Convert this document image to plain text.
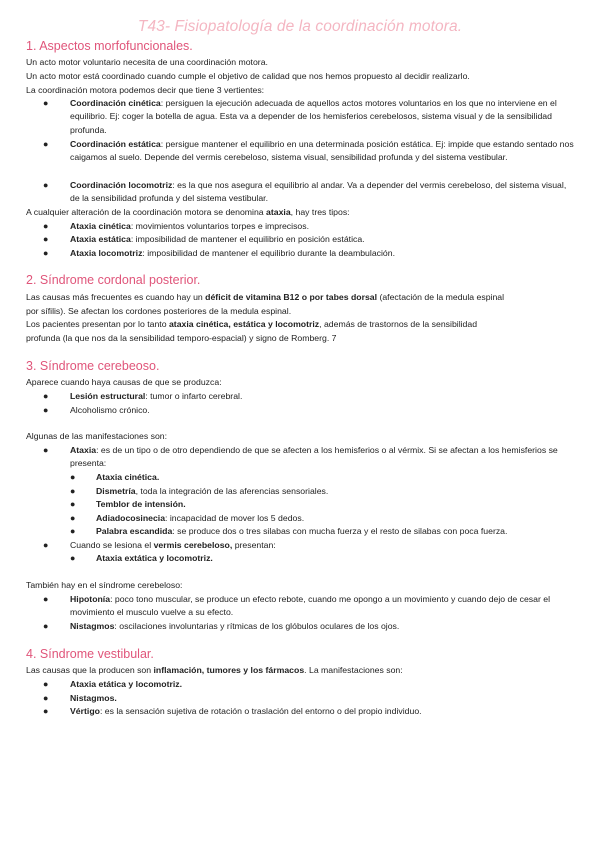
T43- Fisiopatología de la coordinación motora.
1. Aspectos morfofuncionales.
Un acto motor voluntario necesita de una coordinación motora.
Un acto motor está coordinado cuando cumple el objetivo de calidad que nos hemos propuesto al decidir realizarlo.
La coordinación motora podemos decir que tiene 3 vertientes:
● Coordinación cinética: persiguen la ejecución adecuada de aquellos actos motores voluntarios en los que no interviene en el equilibrio. Ej: coger la botella de agua. Esta va a depender de los hemisferios cerebelosos, sistema visual y de la sensibilidad profunda.
● Coordinación estática: persigue mantener el equilibrio en una determinada posición estática. Ej: impide que estando sentado nos caigamos al suelo. Depende del vermis cerebeloso, sistema visual, sensibilidad profunda y del sistema vestibular.
● Coordinación locomotriz: es la que nos asegura el equilibrio al andar. Va a depender del vermis cerebeloso, del sistema visual, de la sensibilidad profunda y del sistema vestibular.
A cualquier alteración de la coordinación motora se denomina ataxia, hay tres tipos:
● Ataxia cinética: movimientos voluntarios torpes e imprecisos.
● Ataxia estática: imposibilidad de mantener el equilibrio en posición estática.
● Ataxia locomotriz: imposibilidad de mantener el equilibrio durante la deambulación.
2. Síndrome cordonal posterior.
Las causas más frecuentes es cuando hay un déficit de vitamina B12 o por tabes dorsal (afectación de la medula espinal
por sífilis). Se afectan los cordones posteriores de la medula espinal.
Los pacientes presentan por lo tanto ataxia cinética, estática y locomotriz, además de trastornos de la sensibilidad
profunda (la que nos da la sensibilidad temporo-espacial) y signo de Romberg. 7
3. Síndrome cerebeoso.
Aparece cuando haya causas de que se produzca:
● Lesión estructural: tumor o infarto cerebral.
● Alcoholismo crónico.
Algunas de las manifestaciones son:
● Ataxia: es de un tipo o de otro dependiendo de que se afecten a los hemisferios o al vérmix. Si se afectan a los hemisferios se presenta:
● Ataxia cinética.
● Dismetría, toda la integración de las aferencias sensoriales.
● Temblor de intensión.
● Adiadocosinecia: incapacidad de mover los 5 dedos.
● Palabra escandida: se produce dos o tres silabas con mucha fuerza y el resto de silabas con poca fuerza.
● Cuando se lesiona el vermis cerebeloso, presentan:
● Ataxia extática y locomotriz.
También hay en el síndrome cerebeloso:
● Hipotonía: poco tono muscular, se produce un efecto rebote, cuando me opongo a un movimiento y cuando dejo de cesar el movimiento el musculo vuelve a su efecto.
● Nistagmos: oscilaciones involuntarias y rítmicas de los glóbulos oculares de los ojos.
4. Síndrome vestibular.
Las causas que la producen son inflamación, tumores y los fármacos. La manifestaciones son:
● Ataxia etática y locomotriz.
● Nistagmos.
● Vértigo: es la sensación sujetiva de rotación o traslación del entorno o del propio individuo.
